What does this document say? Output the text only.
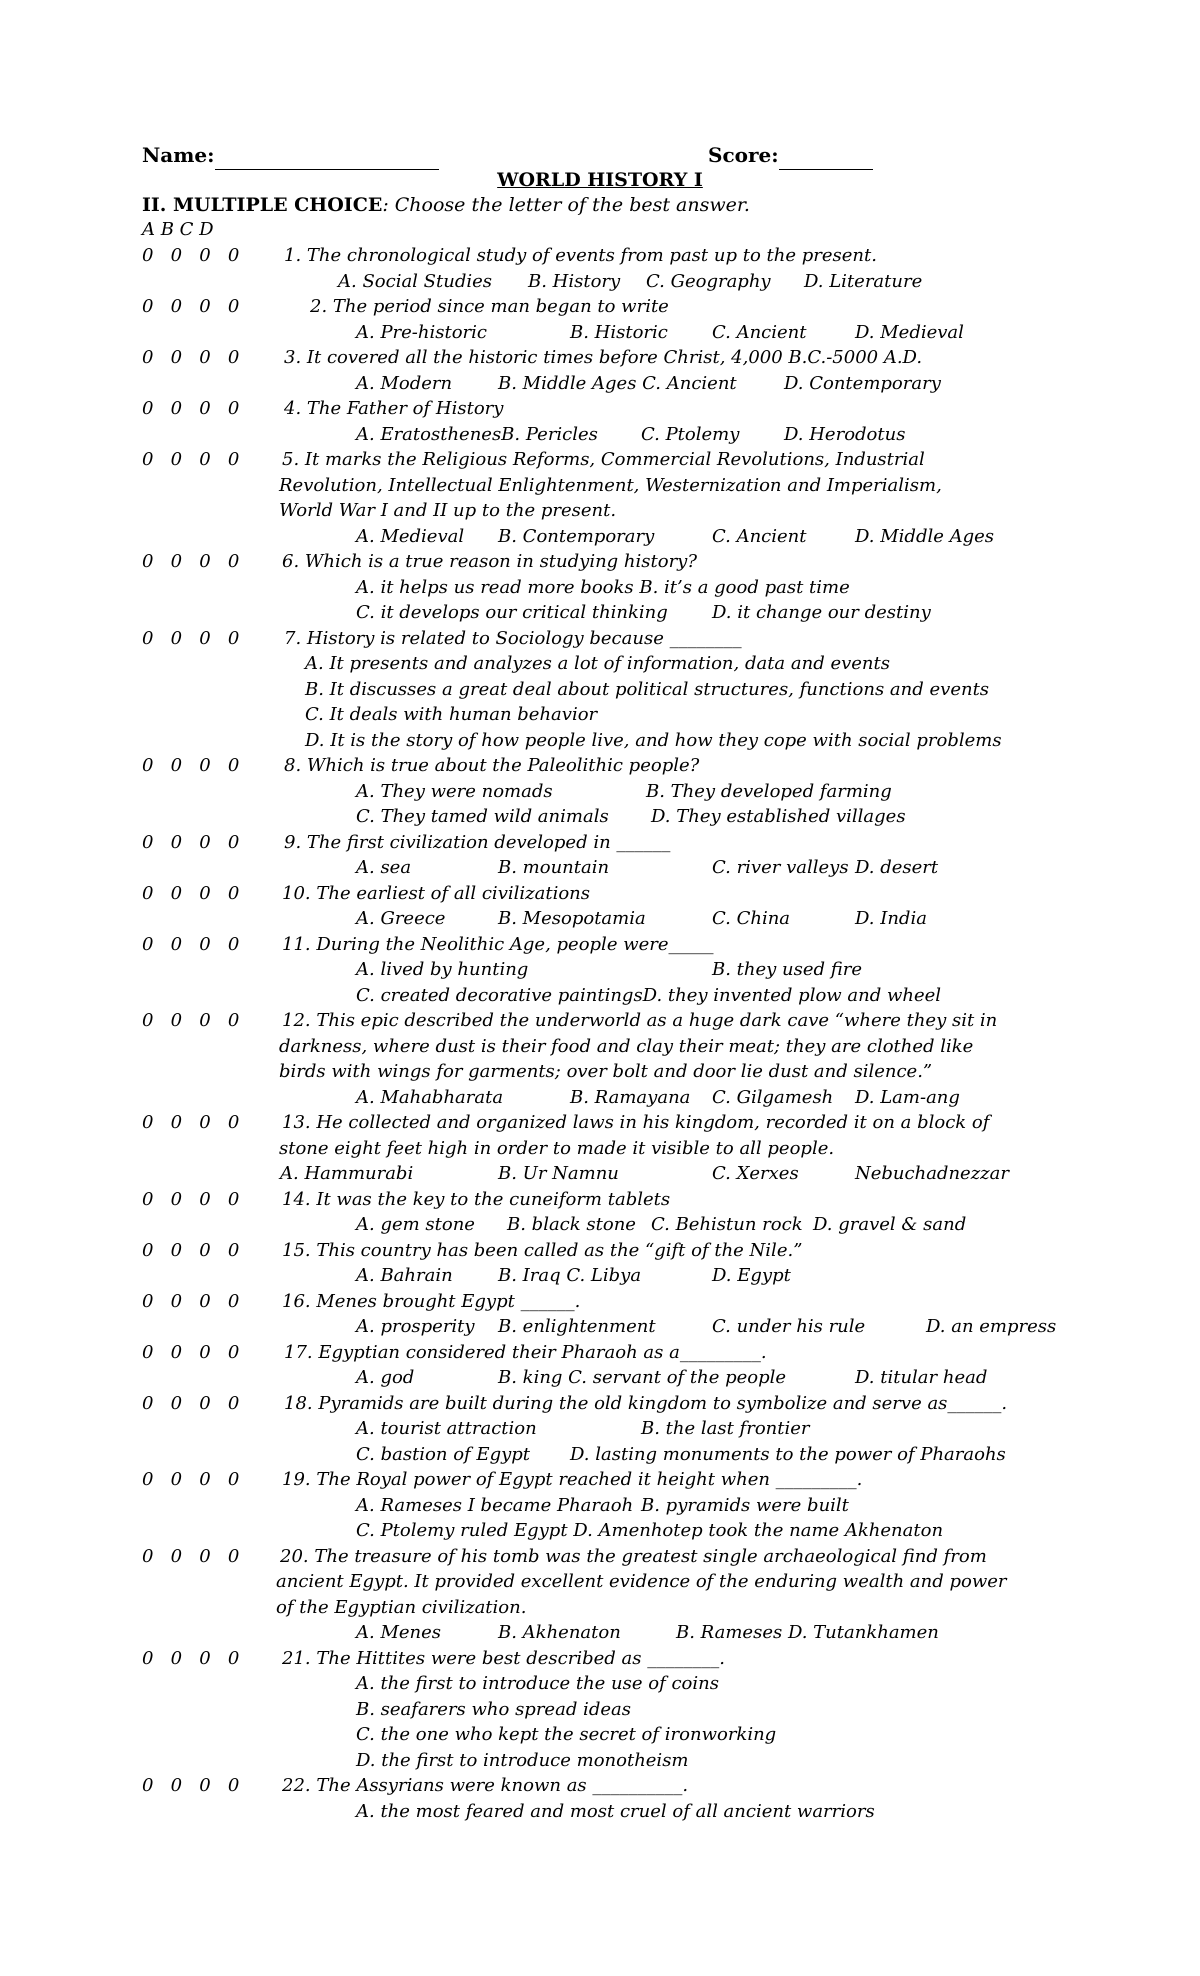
Name:	Score:
WORLD HISTORY I
II. MULTIPLE CHOICE: Choose the letter of the best answer.
A B C D
0   0   0   0 1. The chronological study of events from past up to the present.
A. Social Studies B. History C. Geography D. Literature
0   0   0   0	2. The period since man began to write
A. Pre-historic	B. Historic C. Ancient	D. Medieval
0   0   0   0 3. It covered all the historic times before Christ, 4,000 B.C.-5000 A.D.
A. Modern	B. Middle Ages C. Ancient	D. Contemporary
0   0   0   0 4. The Father of History
A. EratosthenesB. Pericles C. Ptolemy D. Herodotus
0   0   0   0 5. It marks the Religious Reforms, Commercial Revolutions, Industrial
Revolution, Intellectual Enlightenment, Westernization and Imperialism,
World War I and II up to the present.
A. Medieval B. Contemporary	C. Ancient	D. Middle Ages
0   0   0   0 6. Which is a true reason in studying history?
A. it helps us read more books B. it’s a good past time
C. it develops our critical thinking D. it change our destiny
0   0   0   0 7. History is related to Sociology because ________
A. It presents and analyzes a lot of information, data and events
B. It discusses a great deal about political structures, functions and events
C. It deals with human behavior
D. It is the story of how people live, and how they cope with social problems
0   0   0   0 8. Which is true about the Paleolithic people?
A. They were nomads	B. They developed farming
C. They tamed wild animals D. They established villages
0   0   0   0 9. The first civilization developed in ______
A. sea	B. mountain	C. river valleys D. desert
0   0   0   0 10. The earliest of all civilizations
A. Greece	B. Mesopotamia	C. China	D. India
0   0   0   0 11. During the Neolithic Age, people were_____
A. lived by hunting	B. they used fire
C. created decorative paintingsD. they invented plow and wheel
0   0   0   0 12. This epic described the underworld as a huge dark cave “where they sit in
darkness, where dust is their food and clay their meat; they are clothed like
birds with wings for garments; over bolt and door lie dust and silence.”
A. Mahabharata	B. Ramayana C. Gilgamesh D. Lam-ang
0   0   0   0 13. He collected and organized laws in his kingdom, recorded it on a block of
stone eight feet high in order to made it visible to all people.
A. Hammurabi	B. Ur Namnu	C. Xerxes	Nebuchadnezzar
0   0   0   0 14. It was the key to the cuneiform tablets
A. gem stone B. black stone C. Behistun rock D. gravel & sand
0   0   0   0 15. This country has been called as the “gift of the Nile.”
A. Bahrain	B. Iraq C. Libya	D. Egypt
0   0   0   0 16. Menes brought Egypt ______.
A. prosperity B. enlightenment	C. under his rule	D. an empress
0   0   0   0 17. Egyptian considered their Pharaoh as a_________.
A. god	B. king C. servant of the people	D. titular head
0   0   0   0 18. Pyramids are built during the old kingdom to symbolize and serve as______.
A. tourist attraction	B. the last frontier
C. bastion of Egypt D. lasting monuments to the power of Pharaohs
0   0   0   0 19. The Royal power of Egypt reached it height when _________.
A. Rameses I became Pharaoh B. pyramids were built
C. Ptolemy ruled Egypt D. Amenhotep took the name Akhenaton
0   0   0   0 20. The treasure of his tomb was the greatest single archaeological find from
ancient Egypt. It provided excellent evidence of the enduring wealth and power
of the Egyptian civilization.
A. Menes	B. Akhenaton	B. Rameses D. Tutankhamen
0   0   0   0 21. The Hittites were best described as ________.
A. the first to introduce the use of coins
B. seafarers who spread ideas
C. the one who kept the secret of ironworking
D. the first to introduce monotheism
0   0   0   0 22. The Assyrians were known as __________.
A. the most feared and most cruel of all ancient warriors
